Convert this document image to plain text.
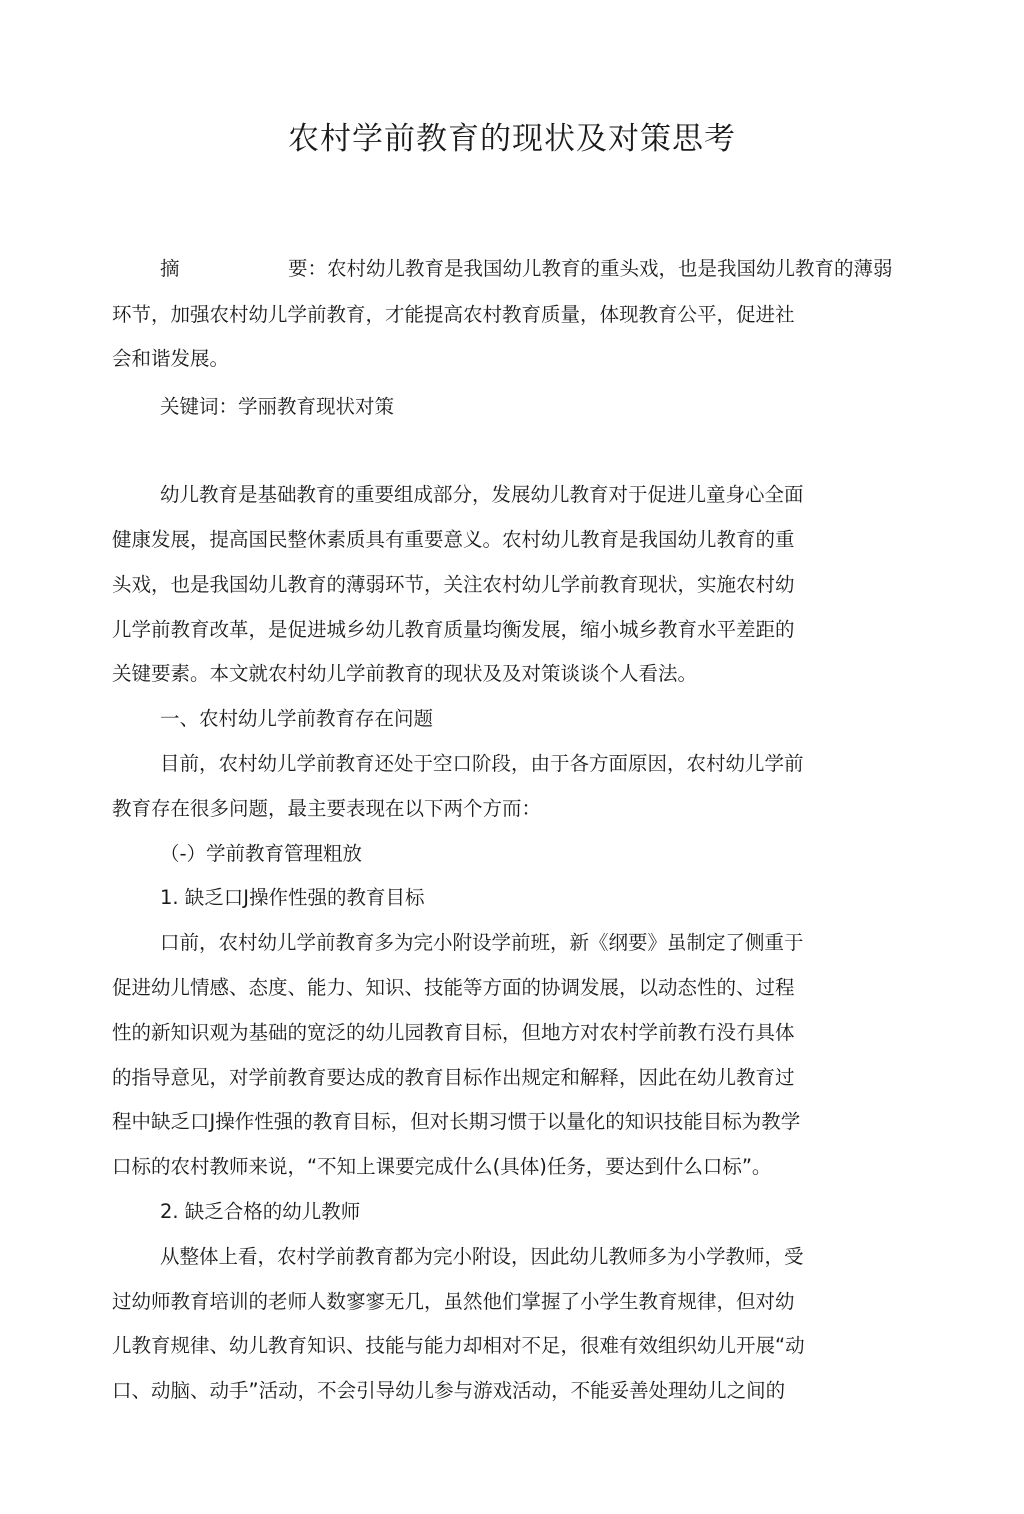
农村学前教育的现状及对策思考
摘	要：农村幼儿教育是我国幼儿教育的重头戏，也是我国幼儿教育的薄弱
环节，加强农村幼儿学前教育，才能提高农村教育质量，体现教育公平，促进社
会和谐发展。
关键词：学丽教育现状对策
幼儿教育是基础教育的重要组成部分，发展幼儿教育对于促进儿童身心全面
健康发展，提高国民整休素质具有重要意义。农村幼儿教育是我国幼儿教育的重
头戏，也是我国幼儿教育的薄弱环节，关注农村幼儿学前教育现状，实施农村幼
儿学前教育改革，是促进城乡幼儿教育质量均衡发展，缩小城乡教育水平差距的
关键要素。本文就农村幼儿学前教育的现状及及对策谈谈个人看法。
一、农村幼儿学前教育存在问题
目前，农村幼儿学前教育还处于空口阶段，由于各方面原因，农村幼儿学前
教育存在很多问题，最主要表现在以下两个方而：
（-）学前教育管理粗放
1. 缺乏口J操作性强的教育目标
口前，农村幼儿学前教育多为完小附设学前班，新《纲要》虽制定了侧重于
促进幼儿情感、态度、能力、知识、技能等方面的协调发展，以动态性的、过程
性的新知识观为基础的宽泛的幼儿园教育目标，但地方对农村学前教冇没冇具体
的指导意见，对学前教育要达成的教育目标作出规定和解释，因此在幼儿教育过
程中缺乏口J操作性强的教育目标，但对长期习惯于以量化的知识技能目标为教学
口标的农村教师来说，“不知上课要完成什么(具体)任务，要达到什么口标”。
2. 缺乏合格的幼儿教师
从整体上看，农村学前教育都为完小附设，因此幼儿教师多为小学教师，受
过幼师教育培训的老师人数寥寥无几，虽然他们掌握了小学生教育规律，但对幼
儿教育规律、幼儿教育知识、技能与能力却相对不足，很难有效组织幼儿开展“动
口、动脑、动手”活动，不会引导幼儿参与游戏活动，不能妥善处理幼儿之间的
